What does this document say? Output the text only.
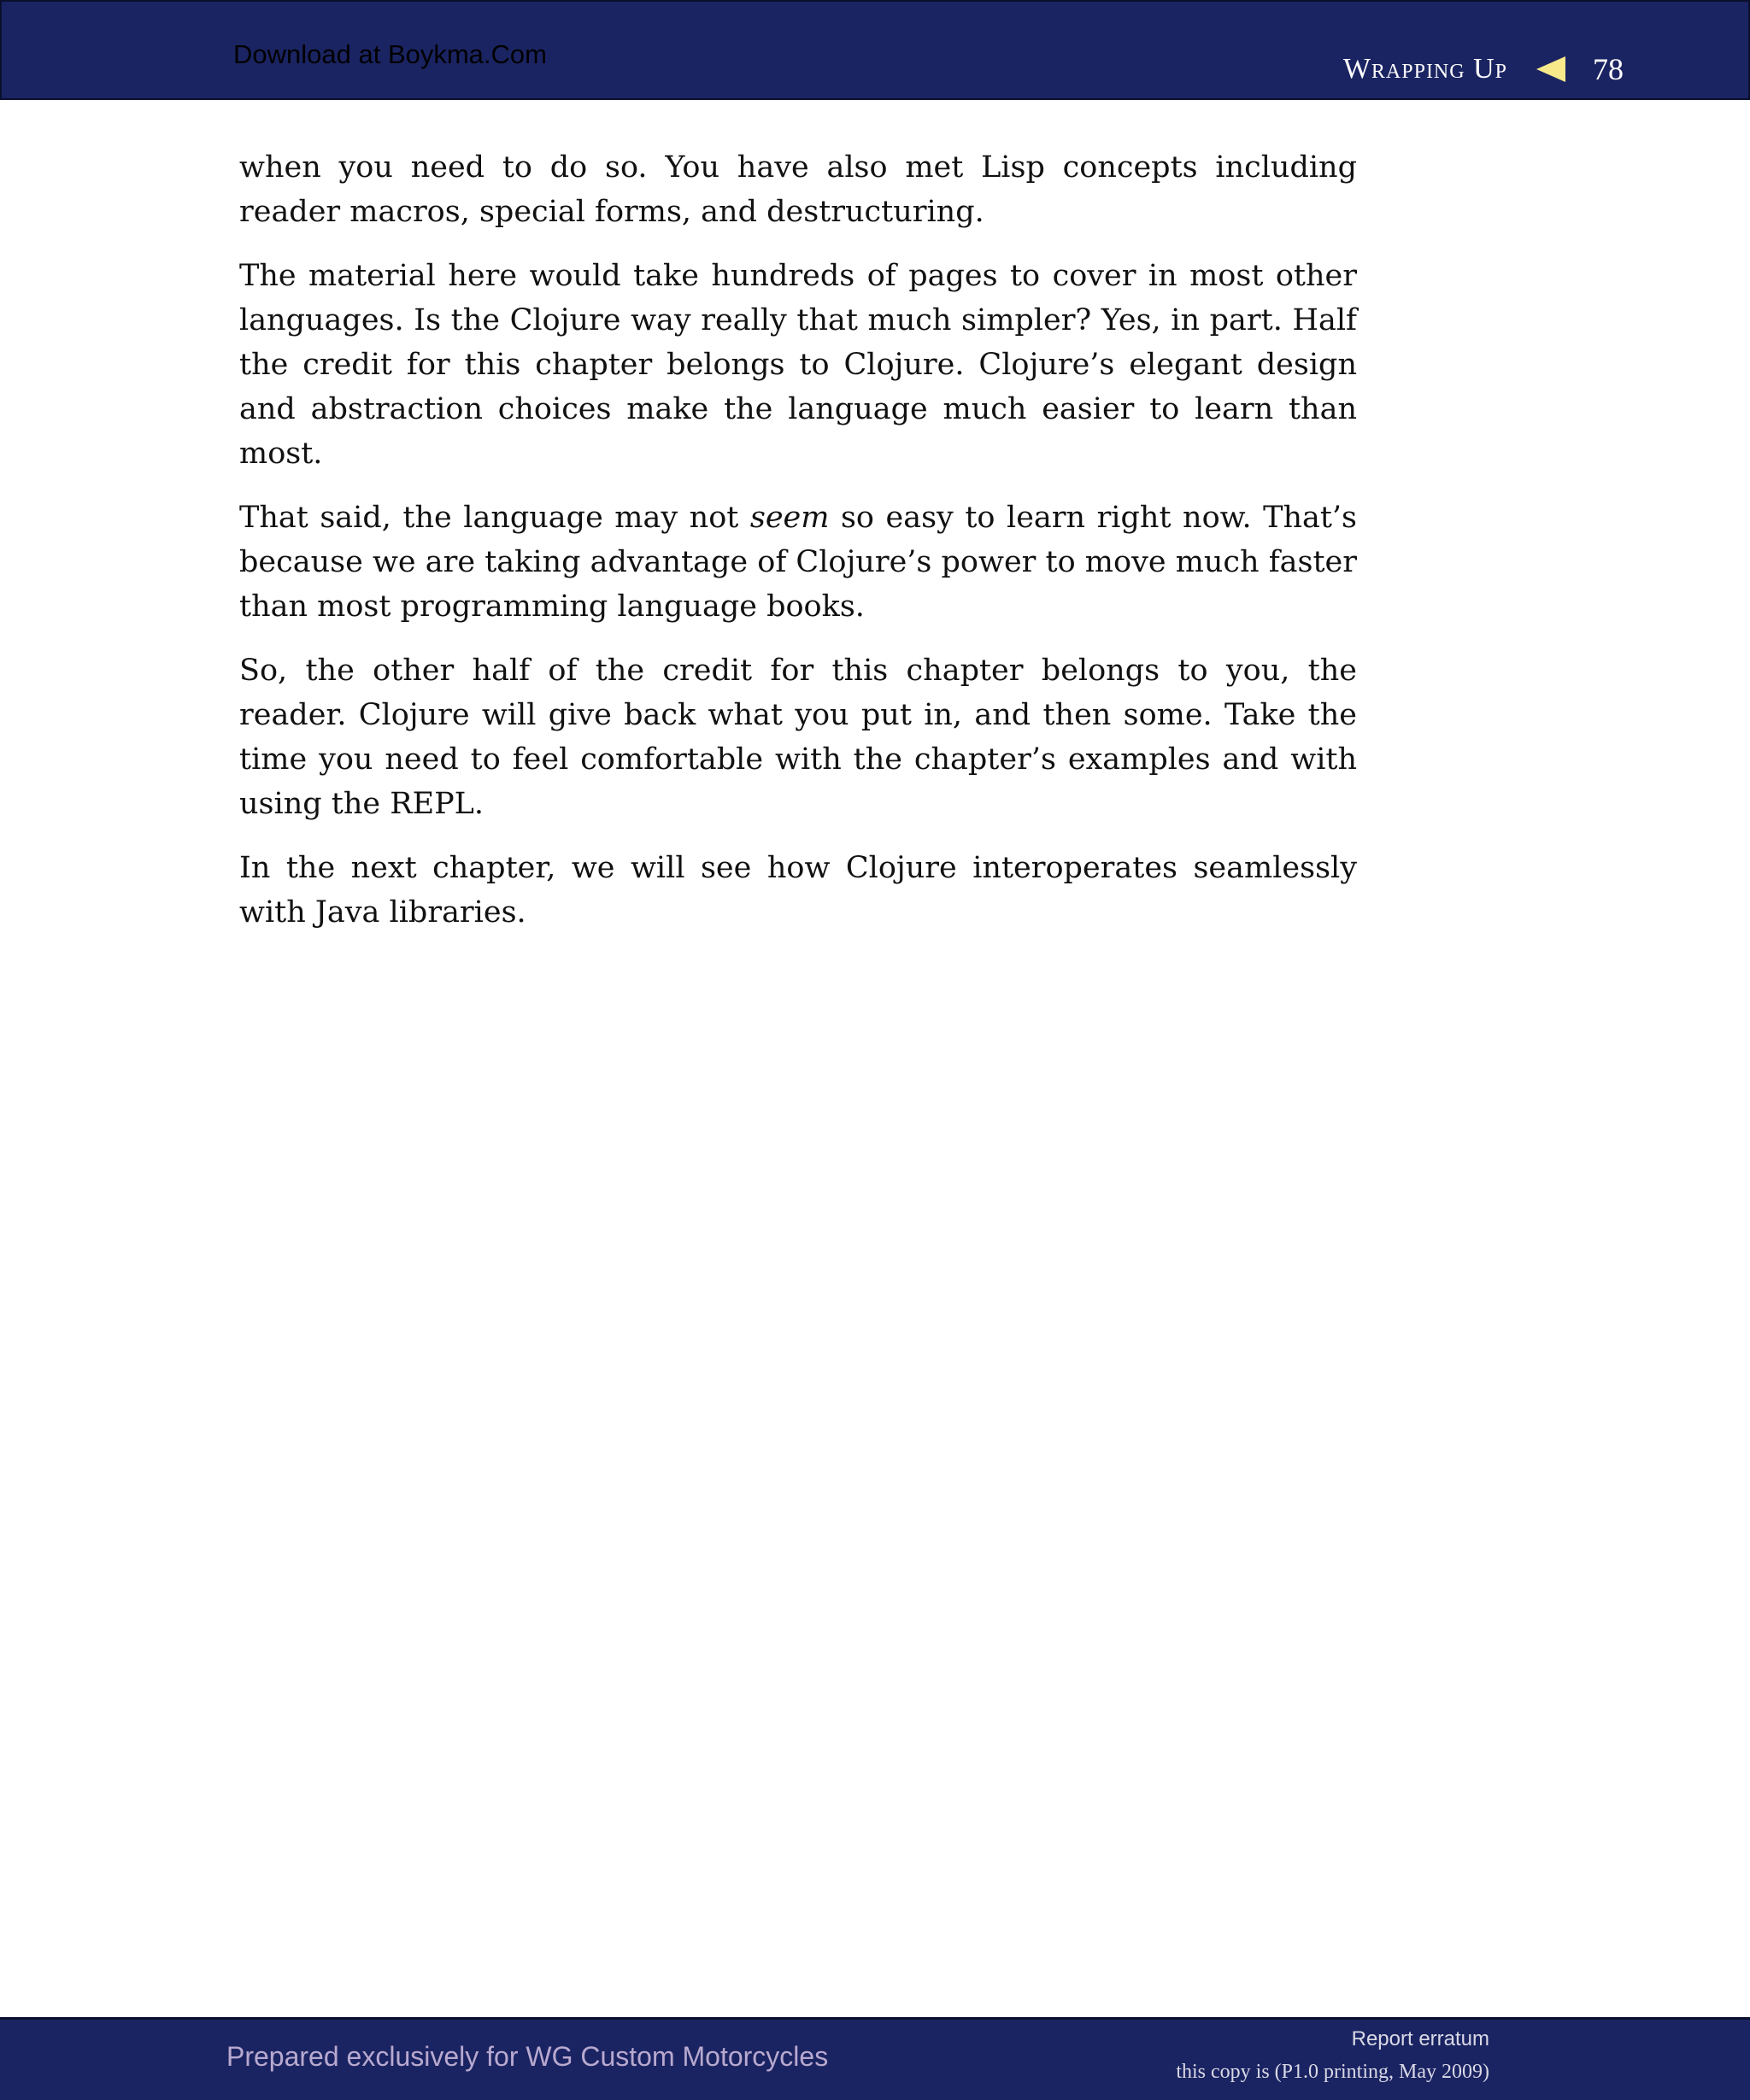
Download at Boykma.Com	Wrapping Up	78

when you need to do so. You have also met Lisp concepts including reader macros, special forms, and destructuring.

The material here would take hundreds of pages to cover in most other languages. Is the Clojure way really that much simpler? Yes, in part. Half the credit for this chapter belongs to Clojure. Clojure’s elegant design and abstraction choices make the language much easier to learn than most.

That said, the language may not seem so easy to learn right now. That’s because we are taking advantage of Clojure’s power to move much faster than most programming language books.

So, the other half of the credit for this chapter belongs to you, the reader. Clojure will give back what you put in, and then some. Take the time you need to feel comfortable with the chapter’s examples and with using the REPL.

In the next chapter, we will see how Clojure interoperates seamlessly with Java libraries.

Prepared exclusively for WG Custom Motorcycles
Report erratum
this copy is (P1.0 printing, May 2009)
